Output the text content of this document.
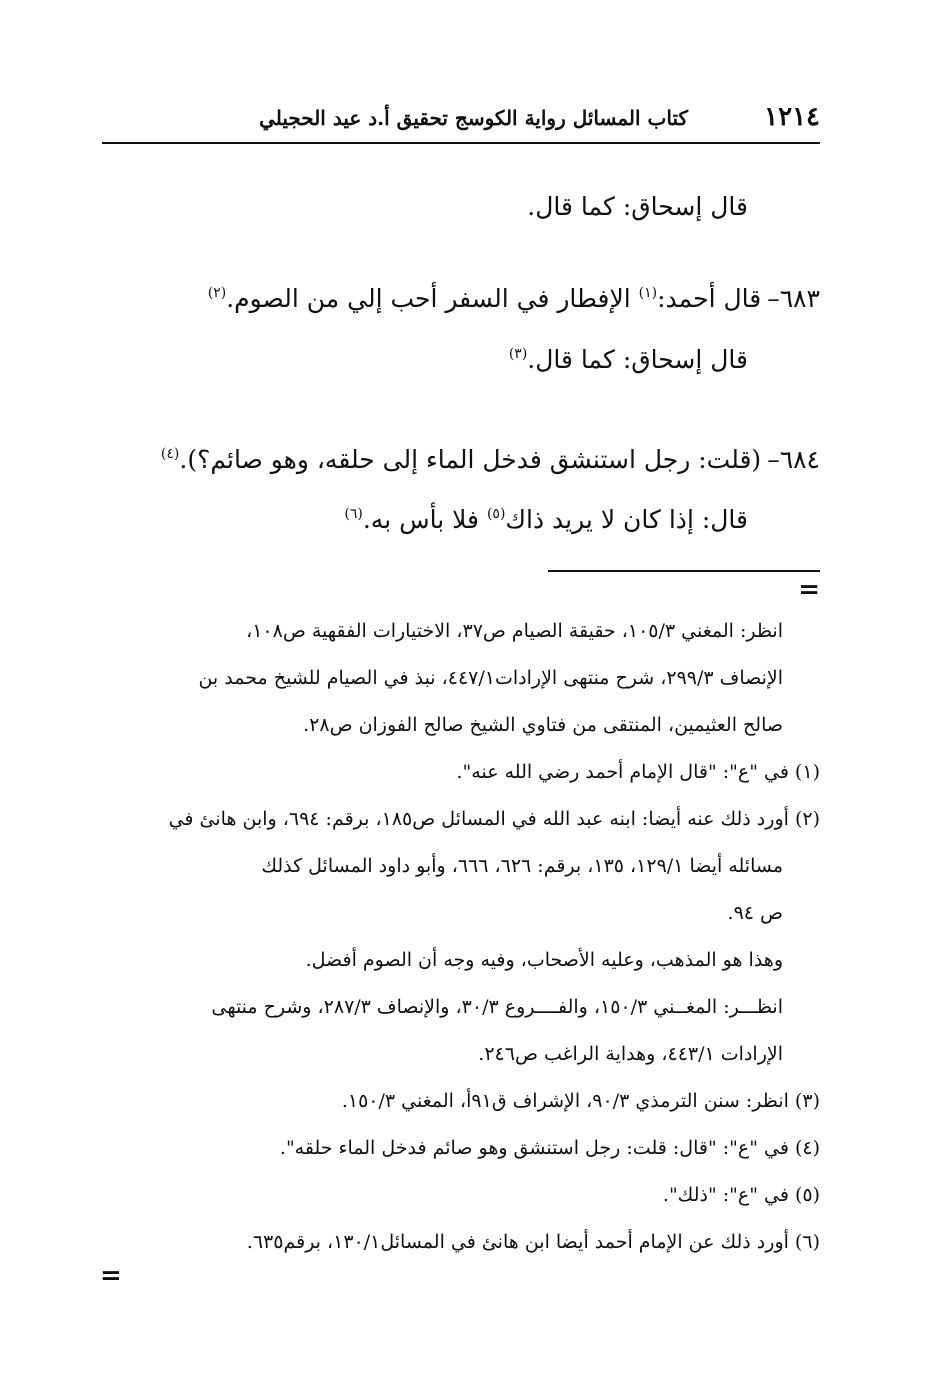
١٢١٤
كتاب المسائل رواية الكوسج تحقيق أ.د عيد الحجيلي
قال إسحاق: كما قال.
٦٨٣–قال أحمد:$^{(١)}$ الإفطار في السفر أحب إلي من الصوم.$^{(٢)}$
قال إسحاق: كما قال.$^{(٣)}$
٦٨٤–(قلت: رجل استنشق فدخل الماء إلى حلقه، وهو صائم؟).$^{(٤)}$
قال: إذا كان لا يريد ذاك$^{(٥)}$ فلا بأس به.$^{(٦)}$
=
انظر: المغني ١٠٥/٣، حقيقة الصيام ص٣٧، الاختيارات الفقهية ص١٠٨،
الإنصاف ٢٩٩/٣، شرح منتهى الإرادات٤٤٧/١، نبذ في الصيام للشيخ محمد بن
صالح العثيمين، المنتقى من فتاوي الشيخ صالح الفوزان ص٢٨.
(١) في "ع": "قال الإمام أحمد رضي الله عنه".
(٢) أورد ذلك عنه أيضا: ابنه عبد الله في المسائل ص١٨٥، برقم: ٦٩٤، وابن هانئ في
مسائله أيضا ١٢٩/١، ١٣٥، برقم: ٦٢٦، ٦٦٦، وأبو داود المسائل كذلك
ص ٩٤.
وهذا هو المذهب، وعليه الأصحاب، وفيه وجه أن الصوم أفضل.
انظـــر: المغــني ١٥٠/٣، والفــــروع ٣٠/٣، والإنصاف ٢٨٧/٣، وشرح منتهى
الإرادات ٤٤٣/١، وهداية الراغب ص٢٤٦.
(٣) انظر: سنن الترمذي ٩٠/٣، الإشراف ق٩١أ، المغني ١٥٠/٣.
(٤) في "ع": "قال: قلت: رجل استنشق وهو صائم فدخل الماء حلقه".
(٥) في "ع": "ذلك".
(٦) أورد ذلك عن الإمام أحمد أيضا ابن هانئ في المسائل١٣٠/١، برقم٦٣٥.
=
